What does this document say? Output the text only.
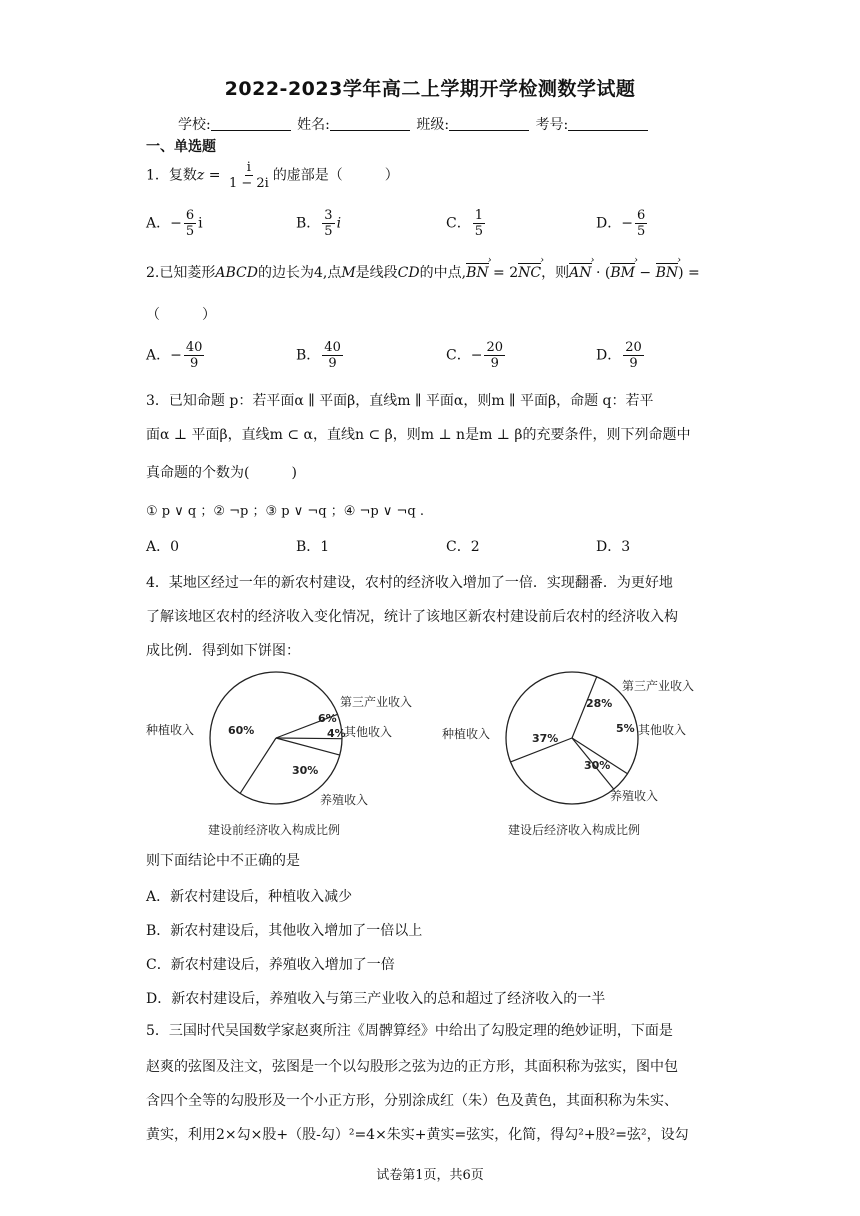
2022-2023学年高二上学期开学检测数学试题
学校:	姓名:	班级:	考号:
一、单选题
1．复数$z = \frac{i}{1 - 2i}$ 的虚部是（　　　）
A．− $\frac{6}{5}$ i	B． $\frac{3}{5}$ i	C． $\frac{1}{5}$	D．− $\frac{6}{5}$
2.已知菱形ABCD的边长为4,点M是线段CD的中点,BN › = 2NC ›，则AN › · (BM › − BN ›) =
（　　　）
A．− $\frac{40}{9}$	B． $\frac{40}{9}$	C．− $\frac{20}{9}$	D． $\frac{20}{9}$
3．已知命题 p：若平面α ∥ 平面β，直线m ∥ 平面α，则m ∥ 平面β，命题 q：若平
面α ⊥ 平面β，直线m ⊂ α，直线n ⊂ β，则m ⊥ n是m ⊥ β的充要条件，则下列命题中
真命题的个数为(　　　)
① p ∨ q ；② ¬p ；③ p ∨ ¬q ；④ ¬p ∨ ¬q .
A．0	B．1	C．2	D．3
4．某地区经过一年的新农村建设，农村的经济收入增加了一倍．实现翻番．为更好地
了解该地区农村的经济收入变化情况，统计了该地区新农村建设前后农村的经济收入构
成比例．得到如下饼图：
60%
种植收入
6%
第三产业收入
4%
其他收入
30%
养殖收入
建设前经济收入构成比例
37%
种植收入
28%
第三产业收入
5% 其他收入
30%
养殖收入
建设后经济收入构成比例
则下面结论中不正确的是
A．新农村建设后，种植收入减少
B．新农村建设后，其他收入增加了一倍以上
C．新农村建设后，养殖收入增加了一倍
D．新农村建设后，养殖收入与第三产业收入的总和超过了经济收入的一半
5．三国时代吴国数学家赵爽所注《周髀算经》中给出了勾股定理的绝妙证明，下面是
赵爽的弦图及注文，弦图是一个以勾股形之弦为边的正方形，其面积称为弦实，图中包
含四个全等的勾股形及一个小正方形，分别涂成红（朱）色及黄色，其面积称为朱实、
黄实，利用2×勾×股+（股-勾）²=4×朱实+黄实=弦实，化简，得勾²+股²=弦²，设勾
试卷第1页，共6页
